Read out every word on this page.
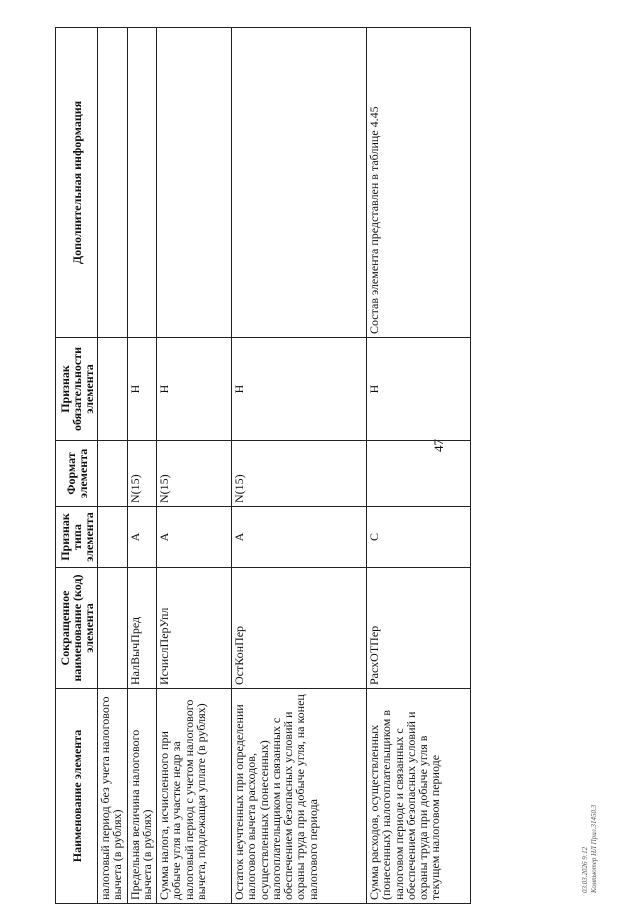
47
Наименование элемента	Сокращенное наименование (код) элемента	Признак типа элемента	Формат элемента	Признак обязательности элемента	Дополнительная информация
налоговый период без учета налогового вычета (в рублях)					
Предельная величина налогового вычета (в рублях)	НалВычПред	А	N(15)	Н	
Сумма налога, исчисленного при добыче угля на участке недр за налоговый период с учетом налогового вычета, подлежащая уплате (в рублях)	ИсчислПерУпл	А	N(15)	Н	
Остаток неучтенных при определении налогового вычета расходов, осуществленных (понесенных) налогоплательщиком и связанных с обеспечением безопасных условий и охраны труда при добыче угля, на конец налогового периода	ОстКонПер	А	N(15)	Н	
Сумма расходов, осуществленных (понесенных) налогоплательщиком в налоговом периоде и связанных с обеспечением безопасных условий и охраны труда при добыче угля в текущем налоговом периоде	РасхОТПер	С		Н	Состав элемента представлен в таблице 4.45
03.03.2026 9:12 Компьютер НЛ Прил.31450.3
